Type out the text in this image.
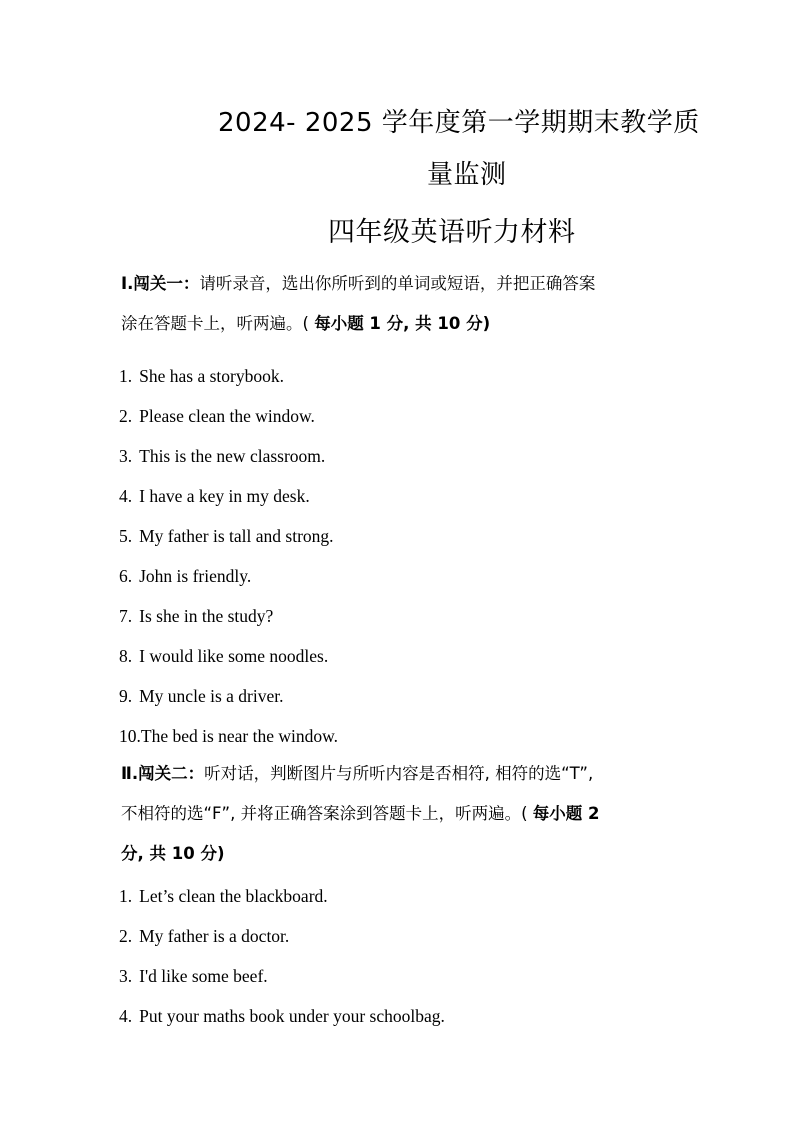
2024- 2025 学年度第一学期期末教学质
量监测
四年级英语听力材料
Ⅰ.闯关一：请听录音，选出你所听到的单词或短语，并把正确答案
涂在答题卡上，听两遍。( 每小题 1 分, 共 10 分)
1. She has a storybook.
2. Please clean the window.
3. This is the new classroom.
4. I have a key in my desk.
5. My father is tall and strong.
6. John is friendly.
7. Is she in the study?
8. I would like some noodles.
9. My uncle is a driver.
10.The bed is near the window.
Ⅱ.闯关二：听对话，判断图片与所听内容是否相符, 相符的选“T”,
不相符的选“F”, 并将正确答案涂到答题卡上，听两遍。( 每小题 2
分, 共 10 分)
1. Let’s clean the blackboard.
2. My father is a doctor.
3. I'd like some beef.
4. Put your maths book under your schoolbag.
